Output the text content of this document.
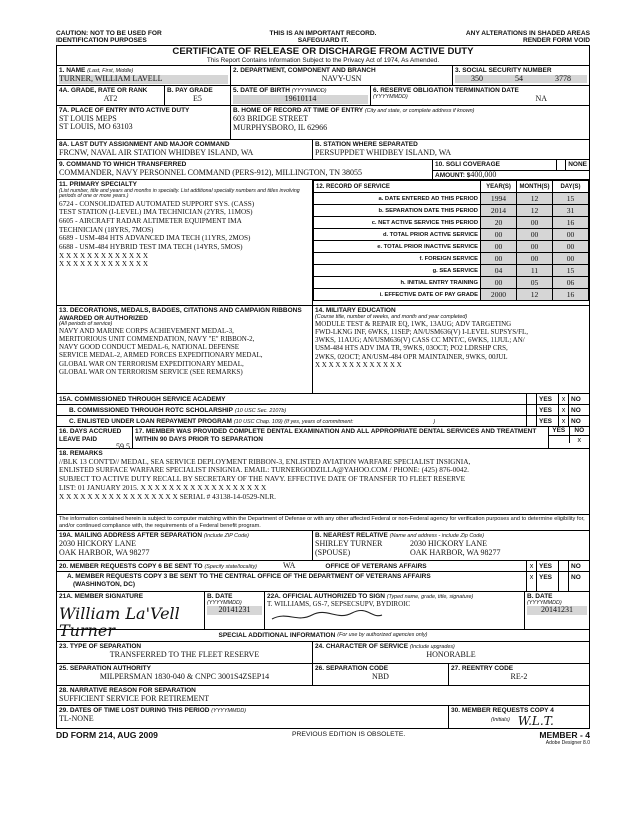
CAUTION: NOT TO BE USED FOR IDENTIFICATION PURPOSES
THIS IS AN IMPORTANT RECORD. SAFEGUARD IT.
ANY ALTERATIONS IN SHADED AREAS RENDER FORM VOID
CERTIFICATE OF RELEASE OR DISCHARGE FROM ACTIVE DUTY
This Report Contains Information Subject to the Privacy Act of 1974, As Amended.
1. NAME (Last, First, Middle)
TURNER, WILLIAM LAVELL
2. DEPARTMENT, COMPONENT AND BRANCH
NAVY-USN
3. SOCIAL SECURITY NUMBER
350	54	3778
4A. GRADE, RATE OR RANK
AT2
B. PAY GRADE
E5
5. DATE OF BIRTH (YYYYMMDD)
19610114
6. RESERVE OBLIGATION TERMINATION DATE
(YYYYMMDD)	NA
7A. PLACE OF ENTRY INTO ACTIVE DUTY
ST LOUIS MEPS
ST LOUIS, MO 63103
B. HOME OF RECORD AT TIME OF ENTRY (City and state, or complete address if known)
603 BRIDGE STREET
MURPHYSBORO, IL 62966
8A. LAST DUTY ASSIGNMENT AND MAJOR COMMAND
FRCNW, NAVAL AIR STATION WHIDBEY ISLAND, WA
B. STATION WHERE SEPARATED
PERSUPPDET WHIDBEY ISLAND, WA
9. COMMAND TO WHICH TRANSFERRED
COMMANDER, NAVY PERSONNEL COMMAND (PERS-912), MILLINGTON, TN 38055
10. SGLI COVERAGE	NONE
AMOUNT: $400,000
11. PRIMARY SPECIALTY
(List number, title and years and months in specialty. List additional specialty numbers and titles involving periods of one or more years.)
6724 - CONSOLIDATED AUTOMATED SUPPORT SYS. (CASS)
TEST STATION (I-LEVEL) IMA TECHNICIAN (2YRS, 11MOS)
6605 - AIRCRAFT RADAR ALTIMETER EQUIPMENT IMA
TECHNICIAN (18YRS, 7MOS)
6689 - USM-484 HTS ADVANCED IMA TECH (11YRS, 2MOS)
6688 - USM-484 HYBRID TEST IMA TECH (14YRS, 5MOS)
X X X X X X X X X X X X X
X X X X X X X X X X X X X
12. RECORD OF SERVICE	YEAR(S)	MONTH(S)	DAY(S)
a. DATE ENTERED AD THIS PERIOD	1994	12	15
b. SEPARATION DATE THIS PERIOD	2014	12	31
c. NET ACTIVE SERVICE THIS PERIOD	20	00	16
d. TOTAL PRIOR ACTIVE SERVICE	00	00	00
e. TOTAL PRIOR INACTIVE SERVICE	00	00	00
f. FOREIGN SERVICE	00	00	00
g. SEA SERVICE	04	11	15
h. INITIAL ENTRY TRAINING	00	05	06
i. EFFECTIVE DATE OF PAY GRADE	2000	12	16
13. DECORATIONS, MEDALS, BADGES, CITATIONS AND CAMPAIGN RIBBONS AWARDED OR AUTHORIZED
(All periods of service)
NAVY AND MARINE CORPS ACHIEVEMENT MEDAL-3,
MERITORIOUS UNIT COMMENDATION, NAVY "E" RIBBON-2,
NAVY GOOD CONDUCT MEDAL-6, NATIONAL DEFENSE
SERVICE MEDAL-2, ARMED FORCES EXPEDITIONARY MEDAL,
GLOBAL WAR ON TERRORISM EXPEDITIONARY MEDAL,
GLOBAL WAR ON TERRORISM SERVICE (SEE REMARKS)
14. MILITARY EDUCATION
(Course title, number of weeks, and month and year completed)
MODULE TEST & REPAIR EQ, 1WK, 13AUG; ADV TARGETING
FWD-LKNG INF, 6WKS, 11SEP; AN/USM636(V) I-LEVEL SUPSYS/FL,
3WKS, 11AUG; AN/USM636(V) CASS CC MNT/C, 6WKS, 11JUL; AN/
USM-484 HTS ADV IMA TR, 9WKS, 03OCT; PO2 LDRSHP CRS,
2WKS, 02OCT; AN/USM-484 OPR MAINTAINER, 9WKS, 00JUL
X X X X X X X X X X X X X
15A. COMMISSIONED THROUGH SERVICE ACADEMY	YES	x NO
B. COMMISSIONED THROUGH ROTC SCHOLARSHIP (10 USC Sec. 2107b)	YES	x NO
C. ENLISTED UNDER LOAN REPAYMENT PROGRAM (10 USC Chap. 109) (If yes, years of commitment:	)	YES	x NO
16. DAYS ACCRUED LEAVE PAID
59.5
17. MEMBER WAS PROVIDED COMPLETE DENTAL EXAMINATION AND ALL APPROPRIATE DENTAL SERVICES AND TREATMENT WITHIN 90 DAYS PRIOR TO SEPARATION
YES	NO
x
18. REMARKS
//BLK 13 CONT'D// MEDAL, SEA SERVICE DEPLOYMENT RIBBON-3, ENLISTED AVIATION WARFARE SPECIALIST INSIGNIA,
ENLISTED SURFACE WARFARE SPECIALIST INSIGNIA. EMAIL: TURNERGODZILLA@YAHOO.COM / PHONE: (425) 876-0042.
SUBJECT TO ACTIVE DUTY RECALL BY SECRETARY OF THE NAVY. EFFECTIVE DATE OF TRANSFER TO FLEET RESERVE
LIST: 01 JANUARY 2015. X X X X X X X X X X X X X X X X X X
X X X X X X X X X X X X X X X X X SERIAL # 43138-14-0529-NLR.
The information contained herein is subject to computer matching within the Department of Defense or with any other affected Federal or non-Federal agency for verification purposes and to determine eligibility for, and/or continued compliance with, the requirements of a Federal benefit program.
19A. MAILING ADDRESS AFTER SEPARATION (Include ZIP Code)
2030 HICKORY LANE
OAK HARBOR, WA 98277
B. NEAREST RELATIVE (Name and address - include Zip Code)
SHIRLEY TURNER
(SPOUSE)
2030 HICKORY LANE
OAK HARBOR, WA 98277
20. MEMBER REQUESTS COPY 6 BE SENT TO (Specify state/locality)	WA	OFFICE OF VETERANS AFFAIRS	x YES	NO
A. MEMBER REQUESTS COPY 3 BE SENT TO THE CENTRAL OFFICE OF THE DEPARTMENT OF VETERANS AFFAIRS
(WASHINGTON, DC)
x YES	NO
21A. MEMBER SIGNATURE
William La'Vell Turner
B. DATE
(YYYYMMDD)
20141231
22A. OFFICIAL AUTHORIZED TO SIGN (Typed name, grade, title, signature)
T. WILLIAMS, GS-7, SEPSECSUPV, BYDIROIC
B. DATE
(YYYYMMDD)
20141231
SPECIAL ADDITIONAL INFORMATION
(For use by authorized agencies only)
23. TYPE OF SEPARATION
TRANSFERRED TO THE FLEET RESERVE
24. CHARACTER OF SERVICE (Include upgrades)
HONORABLE
25. SEPARATION AUTHORITY
MILPERSMAN 1830-040 & CNPC 3001S4ZSEP14
26. SEPARATION CODE
NBD
27. REENTRY CODE
RE-2
28. NARRATIVE REASON FOR SEPARATION
SUFFICIENT SERVICE FOR RETIREMENT
29. DATES OF TIME LOST DURING THIS PERIOD (YYYYMMDD)
TL-NONE
30. MEMBER REQUESTS COPY 4
(Initials) W.L.T.
DD FORM 214, AUG 2009	PREVIOUS EDITION IS OBSOLETE.	MEMBER - 4
Adobe Designer 8.0
